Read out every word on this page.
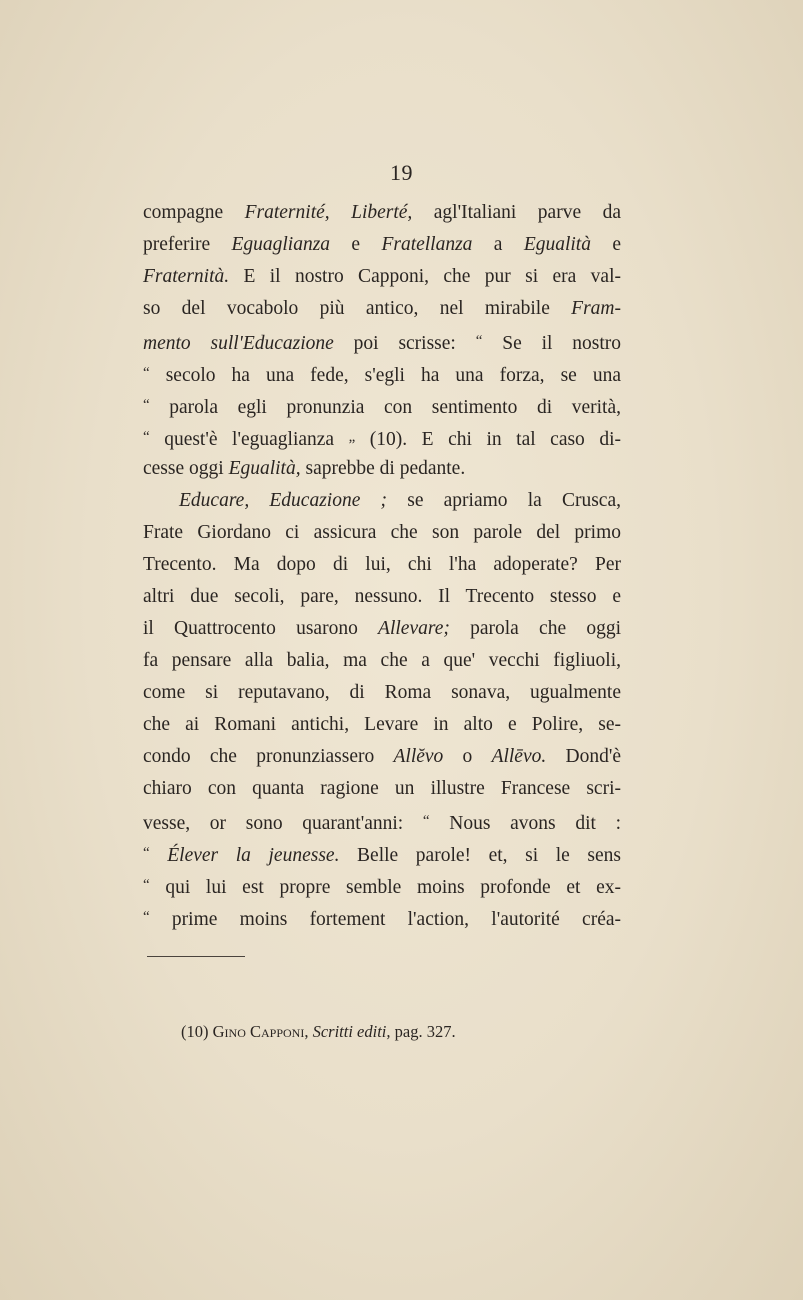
19
compagne Fraternité, Liberté, agl'Italiani parve da
preferire Eguaglianza e Fratellanza a Egualità e
Fraternità. E il nostro Capponi, che pur si era val-
so del vocabolo più antico, nel mirabile Fram-
mento sull'Educazione poi scrisse: “ Se il nostro
“ secolo ha una fede, s'egli ha una forza, se una
“ parola egli pronunzia con sentimento di verità,
“ quest'è l'eguaglianza „ (10). E chi in tal caso di-
cesse oggi Egualità, saprebbe di pedante.
Educare, Educazione ; se apriamo la Crusca,
Frate Giordano ci assicura che son parole del primo
Trecento. Ma dopo di lui, chi l'ha adoperate? Per
altri due secoli, pare, nessuno. Il Trecento stesso e
il Quattrocento usarono Allevare; parola che oggi
fa pensare alla balia, ma che a que' vecchi figliuoli,
come si reputavano, di Roma sonava, ugualmente
che ai Romani antichi, Levare in alto e Polire, se-
condo che pronunziassero Allĕvo o Allēvo. Dond'è
chiaro con quanta ragione un illustre Francese scri-
vesse, or sono quarant'anni: “ Nous avons dit :
“ Élever la jeunesse. Belle parole! et, si le sens
“ qui lui est propre semble moins profonde et ex-
“ prime moins fortement l'action, l'autorité créa-
(10) Gino Capponi, Scritti editi, pag. 327.
